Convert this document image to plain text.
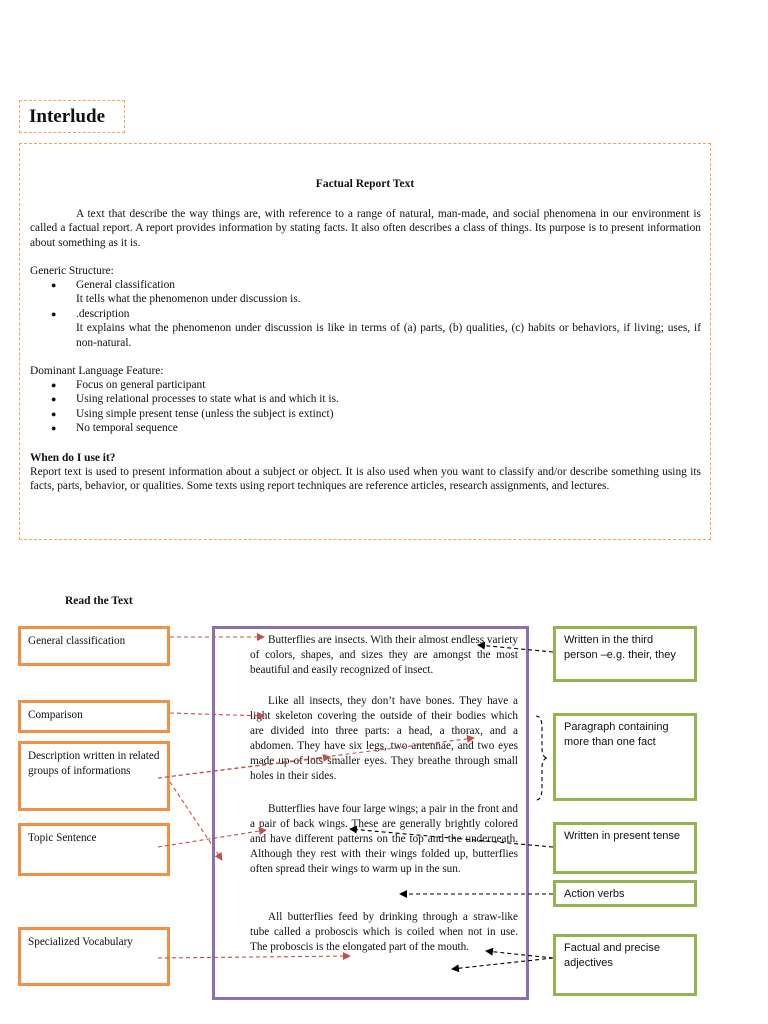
Interlude
Factual Report Text
A text that describe the way things are, with reference to a range of natural, man-made, and social phenomena in our environment is called a factual report. A report provides information by stating facts. It also often describes a class of things. Its purpose is to present information about something as it is.
Generic Structure:
● General classification
It tells what the phenomenon under discussion is.
● .description
It explains what the phenomenon under discussion is like in terms of (a) parts, (b) qualities, (c) habits or behaviors, if living; uses, if non-natural.
Dominant Language Feature:
● Focus on general participant
● Using relational processes to state what is and which it is.
● Using simple present tense (unless the subject is extinct)
● No temporal sequence
When do I use it?
Report text is used to present information about a subject or object. It is also used when you want to classify and/or describe something using its facts, parts, behavior, or qualities. Some texts using report techniques are reference articles, research assignments, and lectures.
Read the Text
General classification
Comparison
Description written in related groups of informations
Topic Sentence
Specialized Vocabulary
Butterflies are insects. With their almost endless variety of colors, shapes, and sizes they are amongst the most beautiful and easily recognized of insect.
Like all insects, they don’t have bones. They have a light skeleton covering the outside of their bodies which are divided into three parts: a head, a thorax, and a abdomen. They have six legs, two antennae, and two eyes made up of lots smaller eyes. They breathe through small holes in their sides.
Butterflies have four large wings; a pair in the front and a pair of back wings. These are generally brightly colored and have different patterns on the top and the underneath. Although they rest with their wings folded up, butterflies often spread their wings to warm up in the sun.
All butterflies feed by drinking through a straw-like tube called a proboscis which is coiled when not in use. The proboscis is the elongated part of the mouth.
Written in the third person –e.g. their, they
Paragraph containing more than one fact
Written in present tense
Action verbs
Factual and precise adjectives
